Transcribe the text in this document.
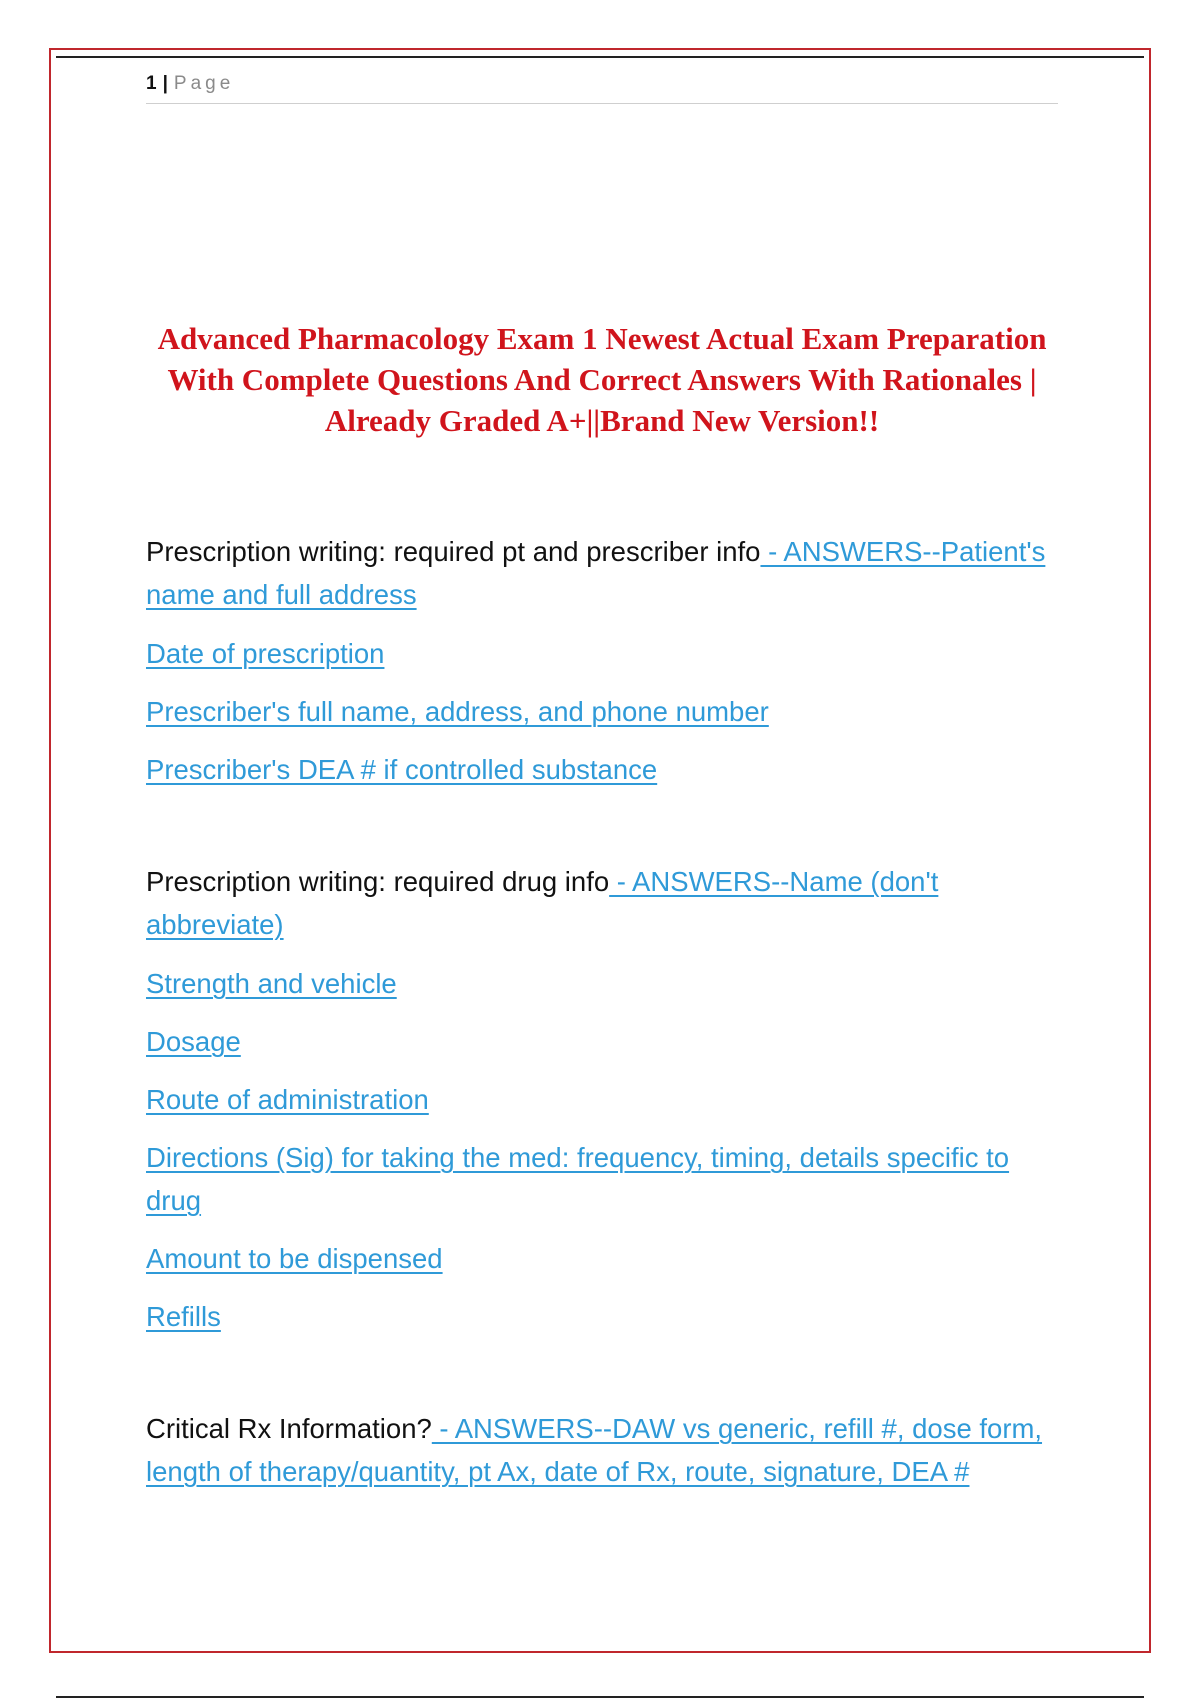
1 | Page
Advanced Pharmacology Exam 1 Newest Actual Exam Preparation With Complete Questions And Correct Answers With Rationales | Already Graded A+||Brand New Version!!

Prescription writing: required pt and prescriber info - ANSWERS--Patient's name and full address

Date of prescription

Prescriber's full name, address, and phone number

Prescriber's DEA # if controlled substance

Prescription writing: required drug info - ANSWERS--Name (don't abbreviate)

Strength and vehicle

Dosage

Route of administration

Directions (Sig) for taking the med: frequency, timing, details specific to drug

Amount to be dispensed

Refills

Critical Rx Information? - ANSWERS--DAW vs generic, refill #, dose form, length of therapy/quantity, pt Ax, date of Rx, route, signature, DEA #
